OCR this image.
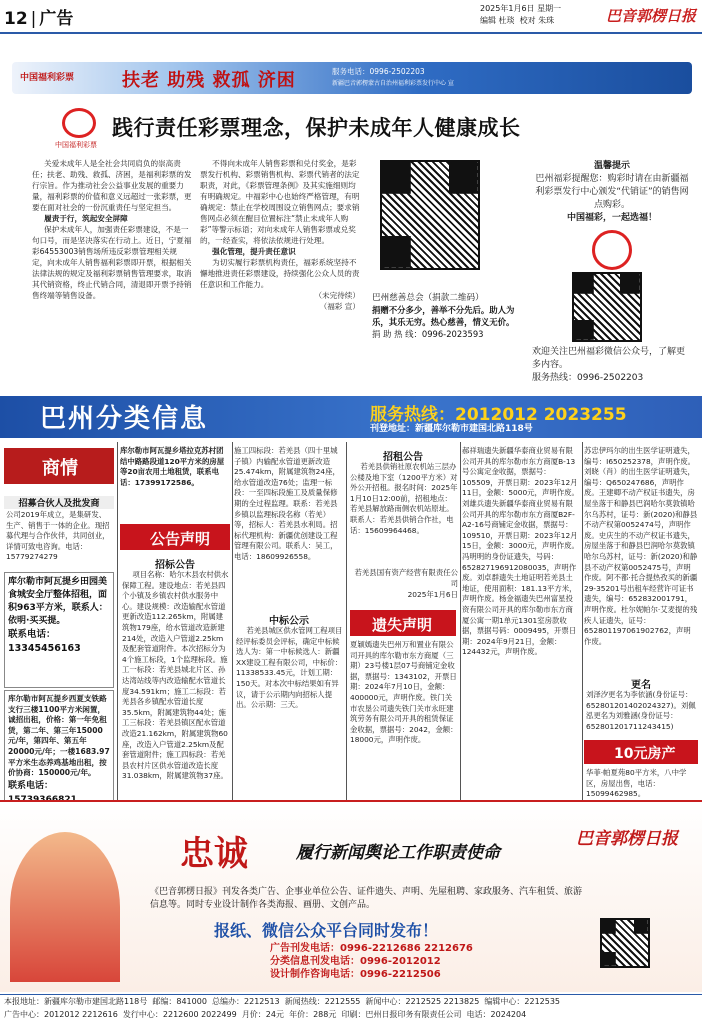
12 | 广告
2025年1月6日 星期一
编辑 杜琰 校对 朱珠	巴音郭楞日报
中国福利彩票	扶老 助残 救孤 济困	服务电话：0996-2502203
新疆巴音郭楞蒙古自治州福利彩票发行中心 宣
中国福利彩票
践行责任彩票理念，保护未成年人健康成长

关爱未成年人是全社会共同肩负的崇高责任；扶老、助残、救孤、济困，是福利彩票的发行宗旨。作为推动社会公益事业发展的重要力量，福利彩票的价值和意义远超过一张彩票，更要在面对社会的一份沉重责任与坚定担当。

履责于行，筑起安全屏障

保护未成年人，加强责任彩票建设，不是一句口号，而是坚决落实在行动上。近日，宁夏福彩64553003销售场所违反彩票管理相关规定，向未成年人销售福利彩票即开票，根据相关法律法规的规定及福利彩票销售管理要求，取消其代销资格，终止代销合同，清退即开票予持销售终端等销售设备。

不得向未成年人销售彩票和兑付奖金，是彩票发行机构、彩票销售机构、彩票代销者的法定职责，对此，《彩票管理条例》及其实施细则均有明确规定。中福彩中心也始终严格管理，有明确规定：禁止在学校周围设立销售网点；要求销售网点必须在醒目位置标注“禁止未成年人购彩”等警示标语；对向未成年人销售彩票或兑奖的，一经查实，将依法依规进行处理。

强化管理，提升责任意识

为切实履行彩票机构责任，福彩系统坚持不懈地推进责任彩票建设，持续强化公众人员的责任意识和工作能力。

（未完待续）

（福彩 宣）

巴州慈善总会（捐款二维码）
捐赠不分多少，善举不分先后。助人为乐，其乐无穷。热心慈善，情义无价。
捐 助 热 线：0996-2023593
温馨提示
巴州福彩提醒您：购彩时请在由新疆福利彩票发行中心颁发“代销证”的销售网点购彩。
中国福彩，一起选福！
欢迎关注巴州福彩微信公众号，了解更多内容。
服务热线：0996-2502203
巴州分类信息	服务热线：2012012 2023255
刊登地址：新疆库尔勒市建国北路118号
商情
招募合伙人及批发商
公司2019年成立，是集研发、生产、销售于一体的企业。现招募代理与合作伙伴，共同创业，详情可致电咨询。电话：15779274279
库尔勒市阿瓦提乡田园美食城安全厅整体招租，面积963平方米，联系人：依明·买买提。
联系电话：13345456163
库尔勒市阿瓦提乡西夏支铁路支行三楼1100平方米闲置，诚招出租，价格：第一年免租赁，第二年、第三年15000元/年，第四年、第五年20000元/年；一楼1683.97平方米生态养鸡基地出租，按价协商：150000元/年。
联系电话：
库尔勒市阿瓦提乡塔拉克苏村团结中路路段道120平方米的房屋等20亩农用土地租赁，联系电话：17399172586。
公告声明
招标公告
项目名称：哈尔木县农村供水保障工程。建设地点：若羌县四个小镇及乡镇农村供水服务中心。建设规模：改造输配水管道更新改造112.265km，附属建筑物179座，给水管道改造新建214处，改造入户管道2.25km及配套管道附件。本次招标分为4个施工标段，1个监理标段。施工一标段：若羌县城北片区、孙达湾站线等内改造输配水管道长度34.591km；施工二标段：若羌县各乡镇配水管道长度35.5km，附属建筑物44处；施工三标段：若羌县镇区配水管道改造21.162km，附属建筑物60座，改造入户管道2.25km及配套管道附件；施工四标段：若羌县农村片区供水管道改造长度31.038km，附属建筑物37座。
施工四标段：若羌县（四十里城子镇）内输配水管道更新改造25.474km，附属建筑物24座，给水管道改造76处；监理一标段：一至四标段施工及质量保修期的全过程监理。联系：若羌县乡镇以监理标段名称（若羌）等，招标人：若羌县水利局。招标代理机构：新疆优创建设工程管理有限公司。联系人：吴工，电话：18609926558。
中标公示
若羌县城区供水管网工程项目经评标委员会评标，确定中标候选人为：第一中标候选人：新疆XX建设工程有限公司，中标价：11338533.45元，计划工期：150天。对本次中标结果如有异议，请于公示期内向招标人提出。公示期：三天。
招租公告
若羌县供销社原农机站三层办公楼及地下室（1200平方米）对外公开招租。报名时间：2025年1月10日12:00前，招租地点：若羌县解放路南侧农机站原址。联系人：若羌县供销合作社，电话：15609964468。
若羌县国有资产经营有限责任公司
2025年1月6日
遗失声明
夏颖嫣遗失巴州万和置业有限公司开具的库尔勒市东方商厦（三期）23号楼1层07号商铺定金收据，票据号：1343102，开票日期：2024年7月10日，金额：400000元，声明作废。铁门关市农垦公司遗失铁门关市永旺建筑劳务有限公司开具的租赁保证金收据，票据号：2042，金额：18000元，声明作废。
郝祥瑞遗失新疆华泰商业贸易有限公司开具的库尔勒市东方商厦B-13号公寓定金收据，票据号：105509，开票日期：2023年12月11日，金额：5000元，声明作废。刘雄兵遗失新疆华泰商业贸易有限公司开具的库尔勒市东方商厦B2F-A2-16号商铺定金收据，票据号：109510，开票日期：2023年12月15日，金额：3000元，声明作废。冯明明的身份证遗失，号码：652827196912080035，声明作废。刘卓群遗失土地证明若羌县土地证，使用面积：181.13平方米，声明作废。杨金福遗失巴州富星投资有限公司开具的库尔勒市东方商厦公寓一期1单元1301室房款收据，票据号码：0009495，开票日期：2024年9月21日，金额：124432元，声明作废。
苏忠伊玛尔的出生医学证明遗失，编号：I650252378，声明作废。刘晓（肖）的出生医学证明遗失，编号：Q650247686，声明作废。王建卿不动产权证书遗失，房屋坐落于和静县巴润哈尔莫敦镇哈尔乌苏村，证号：新(2020)和静县不动产权第0052474号，声明作废。史庆生的不动产权证书遗失，房屋坐落于和静县巴润哈尔莫敦镇哈尔乌苏村，证号：新(2020)和静县不动产权第0052475号，声明作废。阿不都·托合提热孜买的新疆29-35201号出租车经营许可证书遗失，编号：652832001791，声明作废。杜尔妮帕尔·艾麦提的残疾人证遗失，证号：652801197061902762，声明作废。
更名
刘泽汐更名为李依涵(身份证号：652801201402024327)。刘佩泓更名为刘雅涵(身份证号：652801201711243415)
10元房产
华菲·帕夏苑80平方米，八中学区，房屋出售，电话：15099462985。
忠诚	履行新闻舆论工作职责使命
巴音郭楞日报
《巴音郭楞日报》刊发各类广告、企事业单位公告、证件遗失、声明、先屋租聘、家政服务、汽车租赁、旅游信息等。同时专业设计制作各类海报、画册、文创产品。
报纸、微信公众平台同时发布！
广告刊发电话：0996-2212686 2212676
分类信息刊发电话：0996-2012012
设计制作咨询电话：0996-2212506
本报地址：新疆库尔勒市建国北路118号 邮编：841000 总编办：2212513 新闻热线：2212555 新闻中心：2212525 2213825 编辑中心：2212535
广告中心：2012012 2212616 发行中心：2212600 2022499 月价：24元 年价：288元 印刷：巴州日报印务有限责任公司 电话：2024204
